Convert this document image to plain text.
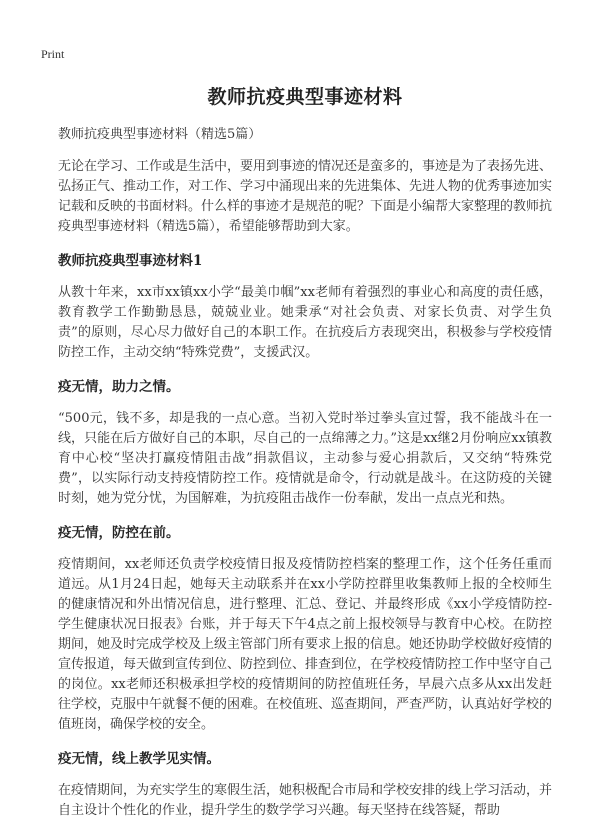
Print
教师抗疫典型事迹材料
教师抗疫典型事迹材料（精选5篇）

无论在学习、工作或是生活中，要用到事迹的情况还是蛮多的，事迹是为了表扬先进、弘扬正气、推动工作，对工作、学习中涌现出来的先进集体、先进人物的优秀事迹加实记载和反映的书面材料。什么样的事迹才是规范的呢？下面是小编帮大家整理的教师抗疫典型事迹材料（精选5篇），希望能够帮助到大家。

教师抗疫典型事迹材料1

从教十年来，xx市xx镇xx小学“最美巾帼”xx老师有着强烈的事业心和高度的责任感，教育教学工作勤勤恳恳，兢兢业业。她秉承“对社会负责、对家长负责、对学生负责”的原则，尽心尽力做好自己的本职工作。在抗疫后方表现突出，积极参与学校疫情防控工作，主动交纳“特殊党费”，支援武汉。

疫无情，助力之情。

“500元，钱不多，却是我的一点心意。当初入党时举过拳头宣过誓，我不能战斗在一线，只能在后方做好自己的本职，尽自己的一点绵薄之力。”这是xx继2月份响应xx镇教育中心校“坚决打赢疫情阻击战”捐款倡议，主动参与爱心捐款后，又交纳“特殊党费”，以实际行动支持疫情防控工作。疫情就是命令，行动就是战斗。在这防疫的关键时刻，她为党分忧，为国解难，为抗疫阻击战作一份奉献，发出一点点光和热。

疫无情，防控在前。

疫情期间，xx老师还负责学校疫情日报及疫情防控档案的整理工作，这个任务任重而道远。从1月24日起，她每天主动联系并在xx小学防控群里收集教师上报的全校师生的健康情况和外出情况信息，进行整理、汇总、登记、并最终形成《xx小学疫情防控-学生健康状况日报表》台账，并于每天下午4点之前上报校领导与教育中心校。在防控期间，她及时完成学校及上级主管部门所有要求上报的信息。她还协助学校做好疫情的宣传报道，每天做到宣传到位、防控到位、排查到位，在学校疫情防控工作中坚守自己的岗位。xx老师还积极承担学校的疫情期间的防控值班任务，早晨六点多从xx出发赶往学校，克服中午就餐不便的困难。在校值班、巡查期间，严查严防，认真站好学校的值班岗，确保学校的安全。

疫无情，线上教学见实情。

在疫情期间，为充实学生的寒假生活，她积极配合市局和学校安排的线上学习活动，并自主设计个性化的作业，提升学生的数学学习兴趣。每天坚持在线答疑，帮助
